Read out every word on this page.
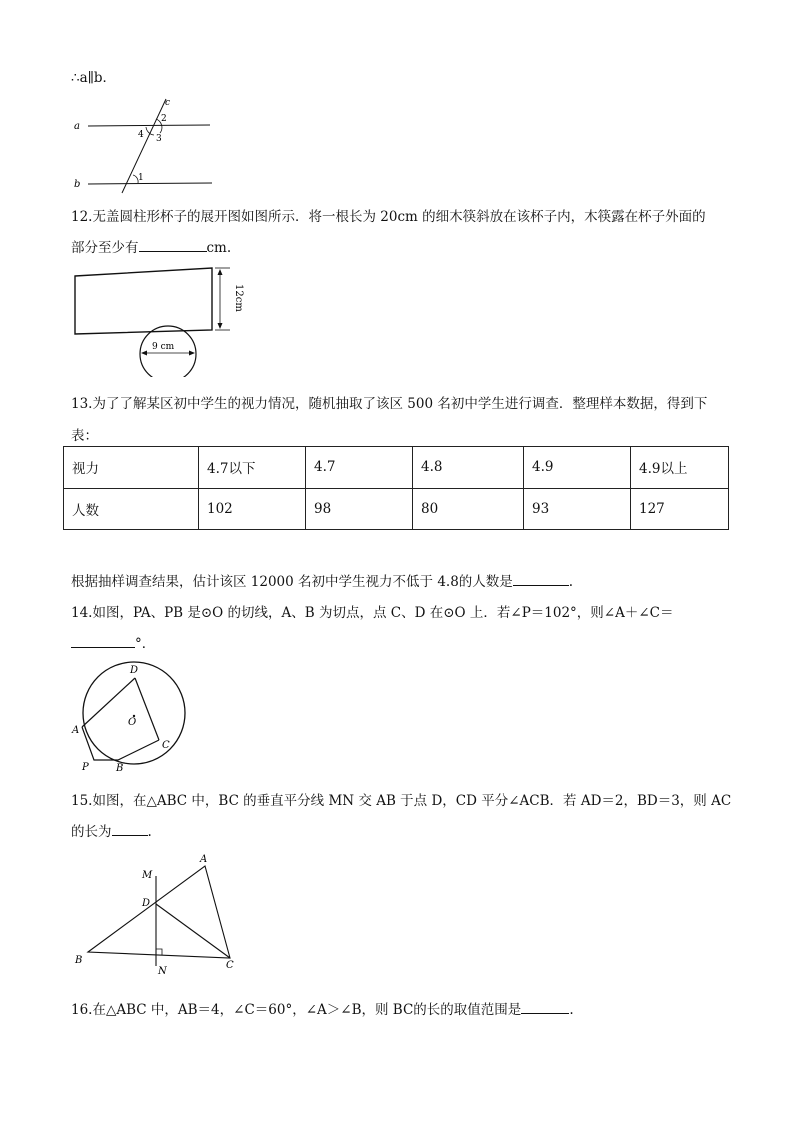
∴a∥b．
a
b
c
2
3
4
1
12.无盖圆柱形杯子的展开图如图所示．将一根长为 20cm 的细木筷斜放在该杯子内，木筷露在杯子外面的
部分至少有	cm.
12cm
9 cm
13.为了了解某区初中学生的视力情况，随机抽取了该区 500 名初中学生进行调查．整理样本数据，得到下
表：
视力	4.7以下	4.7	4.8	4.9	4.9以上
人数	102	98	80	93	127
根据抽样调查结果，估计该区 12000 名初中学生视力不低于 4.8的人数是	.
14.如图，PA、PB 是⊙O 的切线，A、B 为切点，点 C、D 在⊙O 上．若∠P＝102°，则∠A＋∠C＝
°．
D
A
C
P	B
O
15.如图，在△ABC 中，BC 的垂直平分线 MN 交 AB 于点 D，CD 平分∠ACB．若 AD＝2，BD＝3，则 AC
的长为	.
A
B	C
D
M
N
16.在△ABC 中，AB＝4，∠C＝60°，∠A＞∠B，则 BC的长的取值范围是	.
